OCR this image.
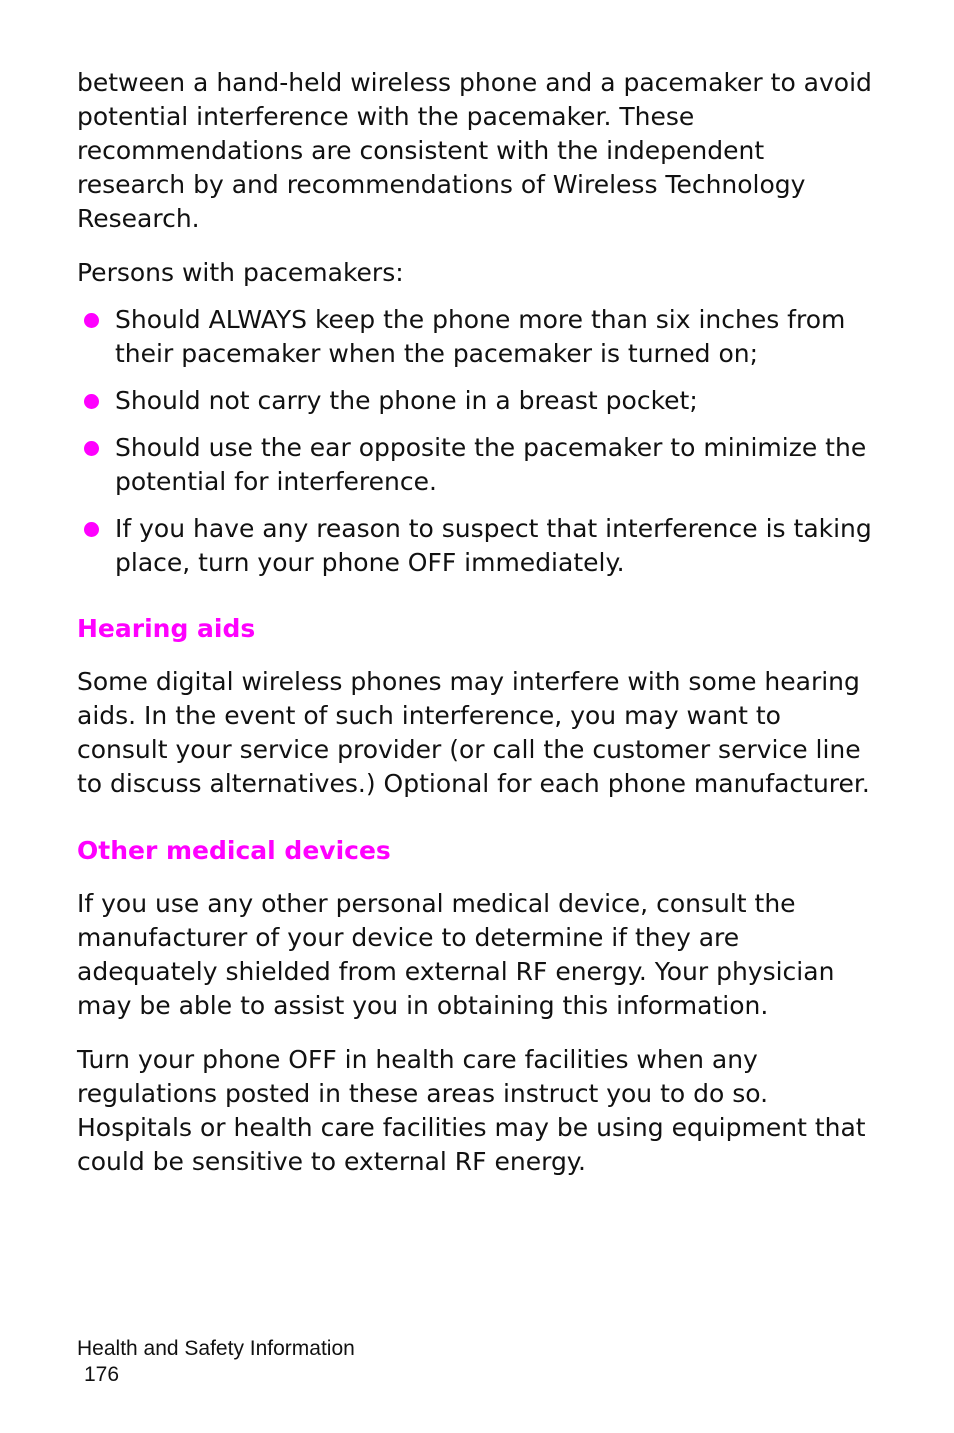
between a hand-held wireless phone and a pacemaker to avoid potential interference with the pacemaker. These recommendations are consistent with the independent research by and recommendations of Wireless Technology Research.

Persons with pacemakers:

Should ALWAYS keep the phone more than six inches from their pacemaker when the pacemaker is turned on;
Should not carry the phone in a breast pocket;
Should use the ear opposite the pacemaker to minimize the potential for interference.
If you have any reason to suspect that interference is taking place, turn your phone OFF immediately.
Hearing aids

Some digital wireless phones may interfere with some hearing aids. In the event of such interference, you may want to consult your service provider (or call the customer service line to discuss alternatives.) Optional for each phone manufacturer.

Other medical devices

If you use any other personal medical device, consult the manufacturer of your device to determine if they are adequately shielded from external RF energy. Your physician may be able to assist you in obtaining this information.

Turn your phone OFF in health care facilities when any regulations posted in these areas instruct you to do so. Hospitals or health care facilities may be using equipment that could be sensitive to external RF energy.

Health and Safety Information
176
